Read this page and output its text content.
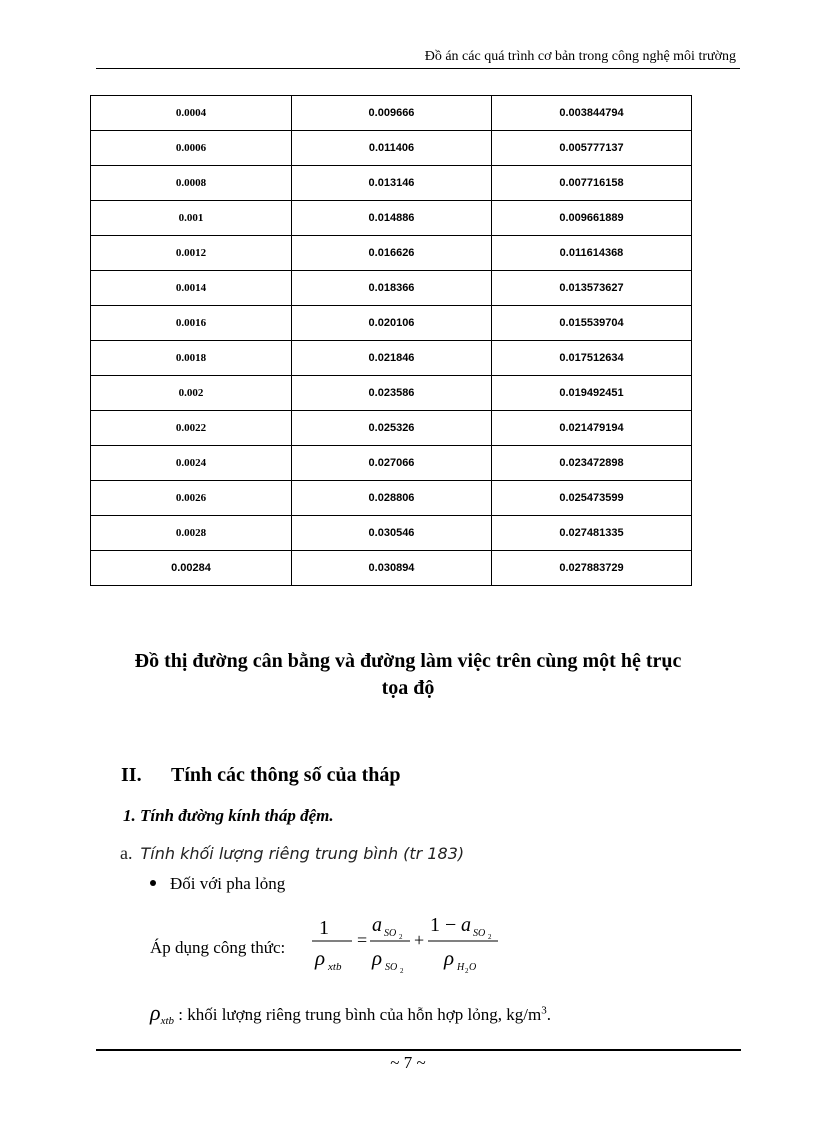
Đồ án các quá trình cơ bản trong công nghệ môi trường
0.0004	0.009666	0.003844794
0.0006	0.011406	0.005777137
0.0008	0.013146	0.007716158
0.001	0.014886	0.009661889
0.0012	0.016626	0.011614368
0.0014	0.018366	0.013573627
0.0016	0.020106	0.015539704
0.0018	0.021846	0.017512634
0.002	0.023586	0.019492451
0.0022	0.025326	0.021479194
0.0024	0.027066	0.023472898
0.0026	0.028806	0.025473599
0.0028	0.030546	0.027481335
0.00284	0.030894	0.027883729
Đồ thị đường cân bằng và đường làm việc trên cùng một hệ trục
tọa độ
II. Tính các thông số của tháp
1. Tính đường kính tháp đệm.
a. Tính khối lượng riêng trung bình (tr 183)
Đối với pha lỏng
Áp dụng công thức:
1
ρ xtb
=
a SO 2
ρ SO 2
+
1 − a SO 2
ρ H 2 O
$\rho_{xtb}$ : khối lượng riêng trung bình của hỗn hợp lỏng, $kg/m^3$.
~ 7 ~
